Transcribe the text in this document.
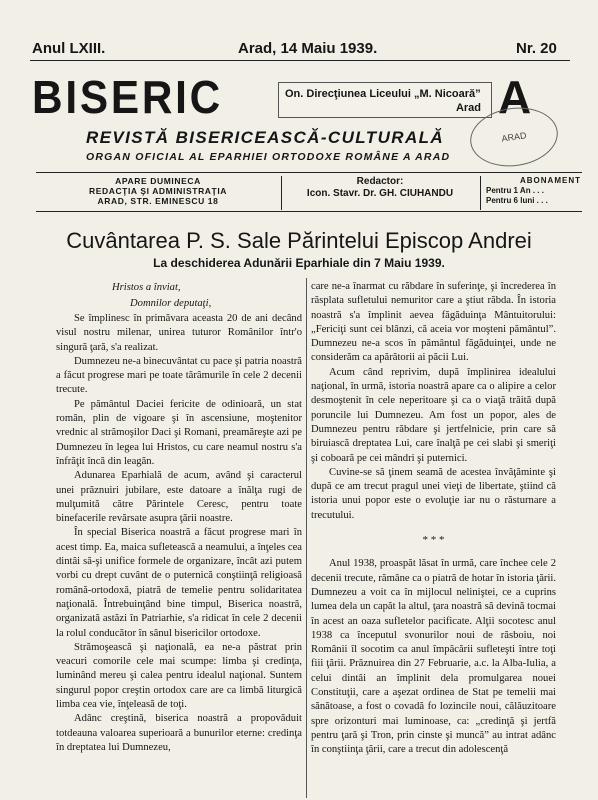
Anul LXIII.	Arad, 14 Maiu 1939.	Nr. 20
BISERIC	A
On. Direcţiunea Liceului „M. Nicoară”
Arad
ARAD
REVISTĂ BISERICEASCĂ-CULTURALĂ
ORGAN OFICIAL AL EPARHIEI ORTODOXE ROMÂNE A ARAD
APARE DUMINECA
REDACŢIA ŞI ADMINISTRAŢIA
ARAD, STR. EMINESCU 18
Redactor:
Icon. Stavr. Dr. GH. CIUHANDU
ABONAMENT
Pentru 1 An . . .
Pentru 6 luni . . .
Cuvântarea P. S. Sale Părintelui Episcop Andrei
La deschiderea Adunării Eparhiale din 7 Maiu 1939.

Hristos a înviat,

Domnilor deputaţi,

Se împlinesc în primăvara aceasta 20 de ani decând visul nostru milenar, unirea tuturor Românilor într'o singură ţară, s'a realizat.

Dumnezeu ne-a binecuvântat cu pace şi patria noastră a făcut progrese mari pe toate tărâmurile în cele 2 decenii trecute.

Pe pământul Daciei fericite de odinioară, un stat român, plin de vigoare şi în ascensiune, moştenitor vrednic al strămoşilor Daci şi Romani, preamăreşte azi pe Dumnezeu în legea lui Hristos, cu care neamul nostru s'a înfrăţit încă din leagăn.

Adunarea Eparhială de acum, având şi caracterul unei prăznuiri jubilare, este datoare a înălţa rugi de mulţumită către Părintele Ceresc, pentru toate binefacerile revărsate asupra ţării noastre.

În special Biserica noastră a făcut progrese mari în acest timp. Ea, maica sufletească a neamului, a înţeles cea dintâi să-şi unifice formele de organizare, încât azi putem vorbi cu drept cuvânt de o puternică conştiinţă religioasă română-ortodoxă, piatră de temelie pentru solidaritatea naţională. Întrebuinţând bine timpul, Biserica noastră, organizată astăzi în Patriarhie, s'a ridicat în cele 2 decenii la rolul conducător în sânul bisericilor ortodoxe.

Strămoşească şi naţională, ea ne-a păstrat prin veacuri comorile cele mai scumpe: limba şi credinţa, luminând mereu şi calea pentru idealul naţional. Suntem singurul popor creştin ortodox care are ca limbă liturgică limba cea vie, înţeleasă de toţi.

Adânc creştină, biserica noastră a propovăduit totdeauna valoarea superioară a bunurilor eterne: credinţa în dreptatea lui Dumnezeu,

care ne-a înarmat cu răbdare în suferinţe, şi încrederea în răsplata sufletului nemuritor care a ştiut răbda. În istoria noastră s'a împlinit aevea făgăduinţa Mântuitorului: „Fericiţi sunt cei blânzi, că aceia vor moşteni pământul”. Dumnezeu ne-a scos în pământul făgăduinţei, unde ne considerăm ca apărătorii ai păcii Lui.

Acum când reprivim, după împlinirea idealului naţional, în urmă, istoria noastră apare ca o alipire a celor desmoştenit în cele neperitoare şi ca o viaţă trăită după poruncile lui Dumnezeu. Am fost un popor, ales de Dumnezeu pentru răbdare şi jertfelnicie, prin care să biruiască dreptatea Lui, care înalţă pe cei slabi şi smeriţi şi coboară pe cei mândri şi puternici.

Cuvine-se să ţinem seamă de acestea învăţăminte şi după ce am trecut pragul unei vieţi de libertate, ştiind că istoria unui popor este o evoluţie iar nu o răsturnare a trecutului.

* * *

Anul 1938, proaspăt lăsat în urmă, care închee cele 2 decenii trecute, rămâne ca o piatră de hotar în istoria ţării. Dumnezeu a voit ca în mijlocul neliniştei, ce a cuprins lumea dela un capăt la altul, ţara noastră să devină tocmai în acest an oaza sufletelor pacificate. Alţii socotesc anul 1938 ca începutul svonurilor noui de răsboiu, noi Românii îl socotim ca anul împăcării sufleteşti între toţi fiii ţării. Prăznuirea din 27 Februarie, a.c. la Alba-Iulia, a celui dintâi an împlinit dela promulgarea nouei Constituţii, care a aşezat ordinea de Stat pe temelii mai sănătoase, a fost o covadă fo lozincile noui, călăuzitoare spre orizonturi mai luminoase, ca: „credinţă şi jertfă pentru ţară şi Tron, prin cinste şi muncă” au intrat adânc în conştiinţa ţării, care a trecut din adolescenţă
